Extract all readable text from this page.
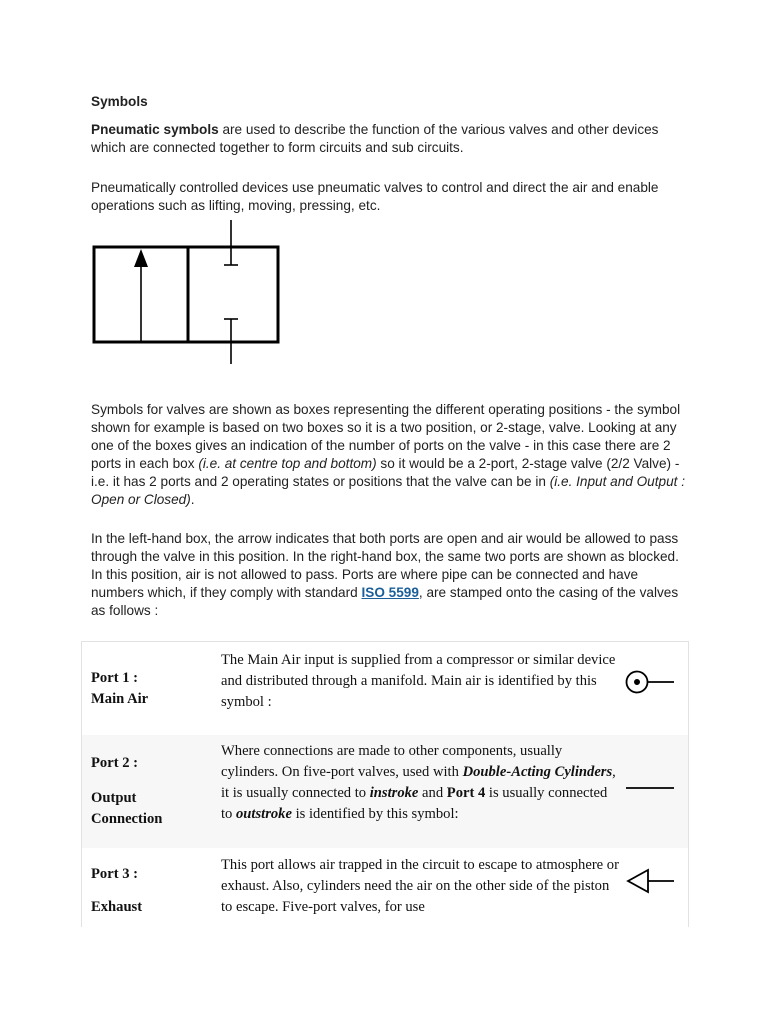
Symbols

Pneumatic symbols are used to describe the function of the various valves and other devices which are connected together to form circuits and sub circuits.

Pneumatically controlled devices use pneumatic valves to control and direct the air and enable operations such as lifting, moving, pressing, etc.

Symbols for valves are shown as boxes representing the different operating positions - the symbol shown for example is based on two boxes so it is a two position, or 2-stage, valve. Looking at any one of the boxes gives an indication of the number of ports on the valve - in this case there are 2 ports in each box (i.e. at centre top and bottom) so it would be a 2-port, 2-stage valve (2/2 Valve) - i.e. it has 2 ports and 2 operating states or positions that the valve can be in (i.e. Input and Output : Open or Closed).

In the left-hand box, the arrow indicates that both ports are open and air would be allowed to pass through the valve in this position. In the right-hand box, the same two ports are shown as blocked. In this position, air is not allowed to pass. Ports are where pipe can be connected and have numbers which, if they comply with standard ISO 5599, are stamped onto the casing of the valves as follows :

Port 1 :
Main Air
The Main Air input is supplied from a compressor or similar device and distributed through a manifold. Main air is identified by this symbol :
Port 2 :
Output
Connection
Where connections are made to other components, usually cylinders. On five-port valves, used with Double-Acting Cylinders, it is usually connected to instroke and Port 4 is usually connected to outstroke is identified by this symbol:
Port 3 :
Exhaust
This port allows air trapped in the circuit to escape to atmosphere or exhaust. Also, cylinders need the air on the other side of the piston to escape. Five-port valves, for use
